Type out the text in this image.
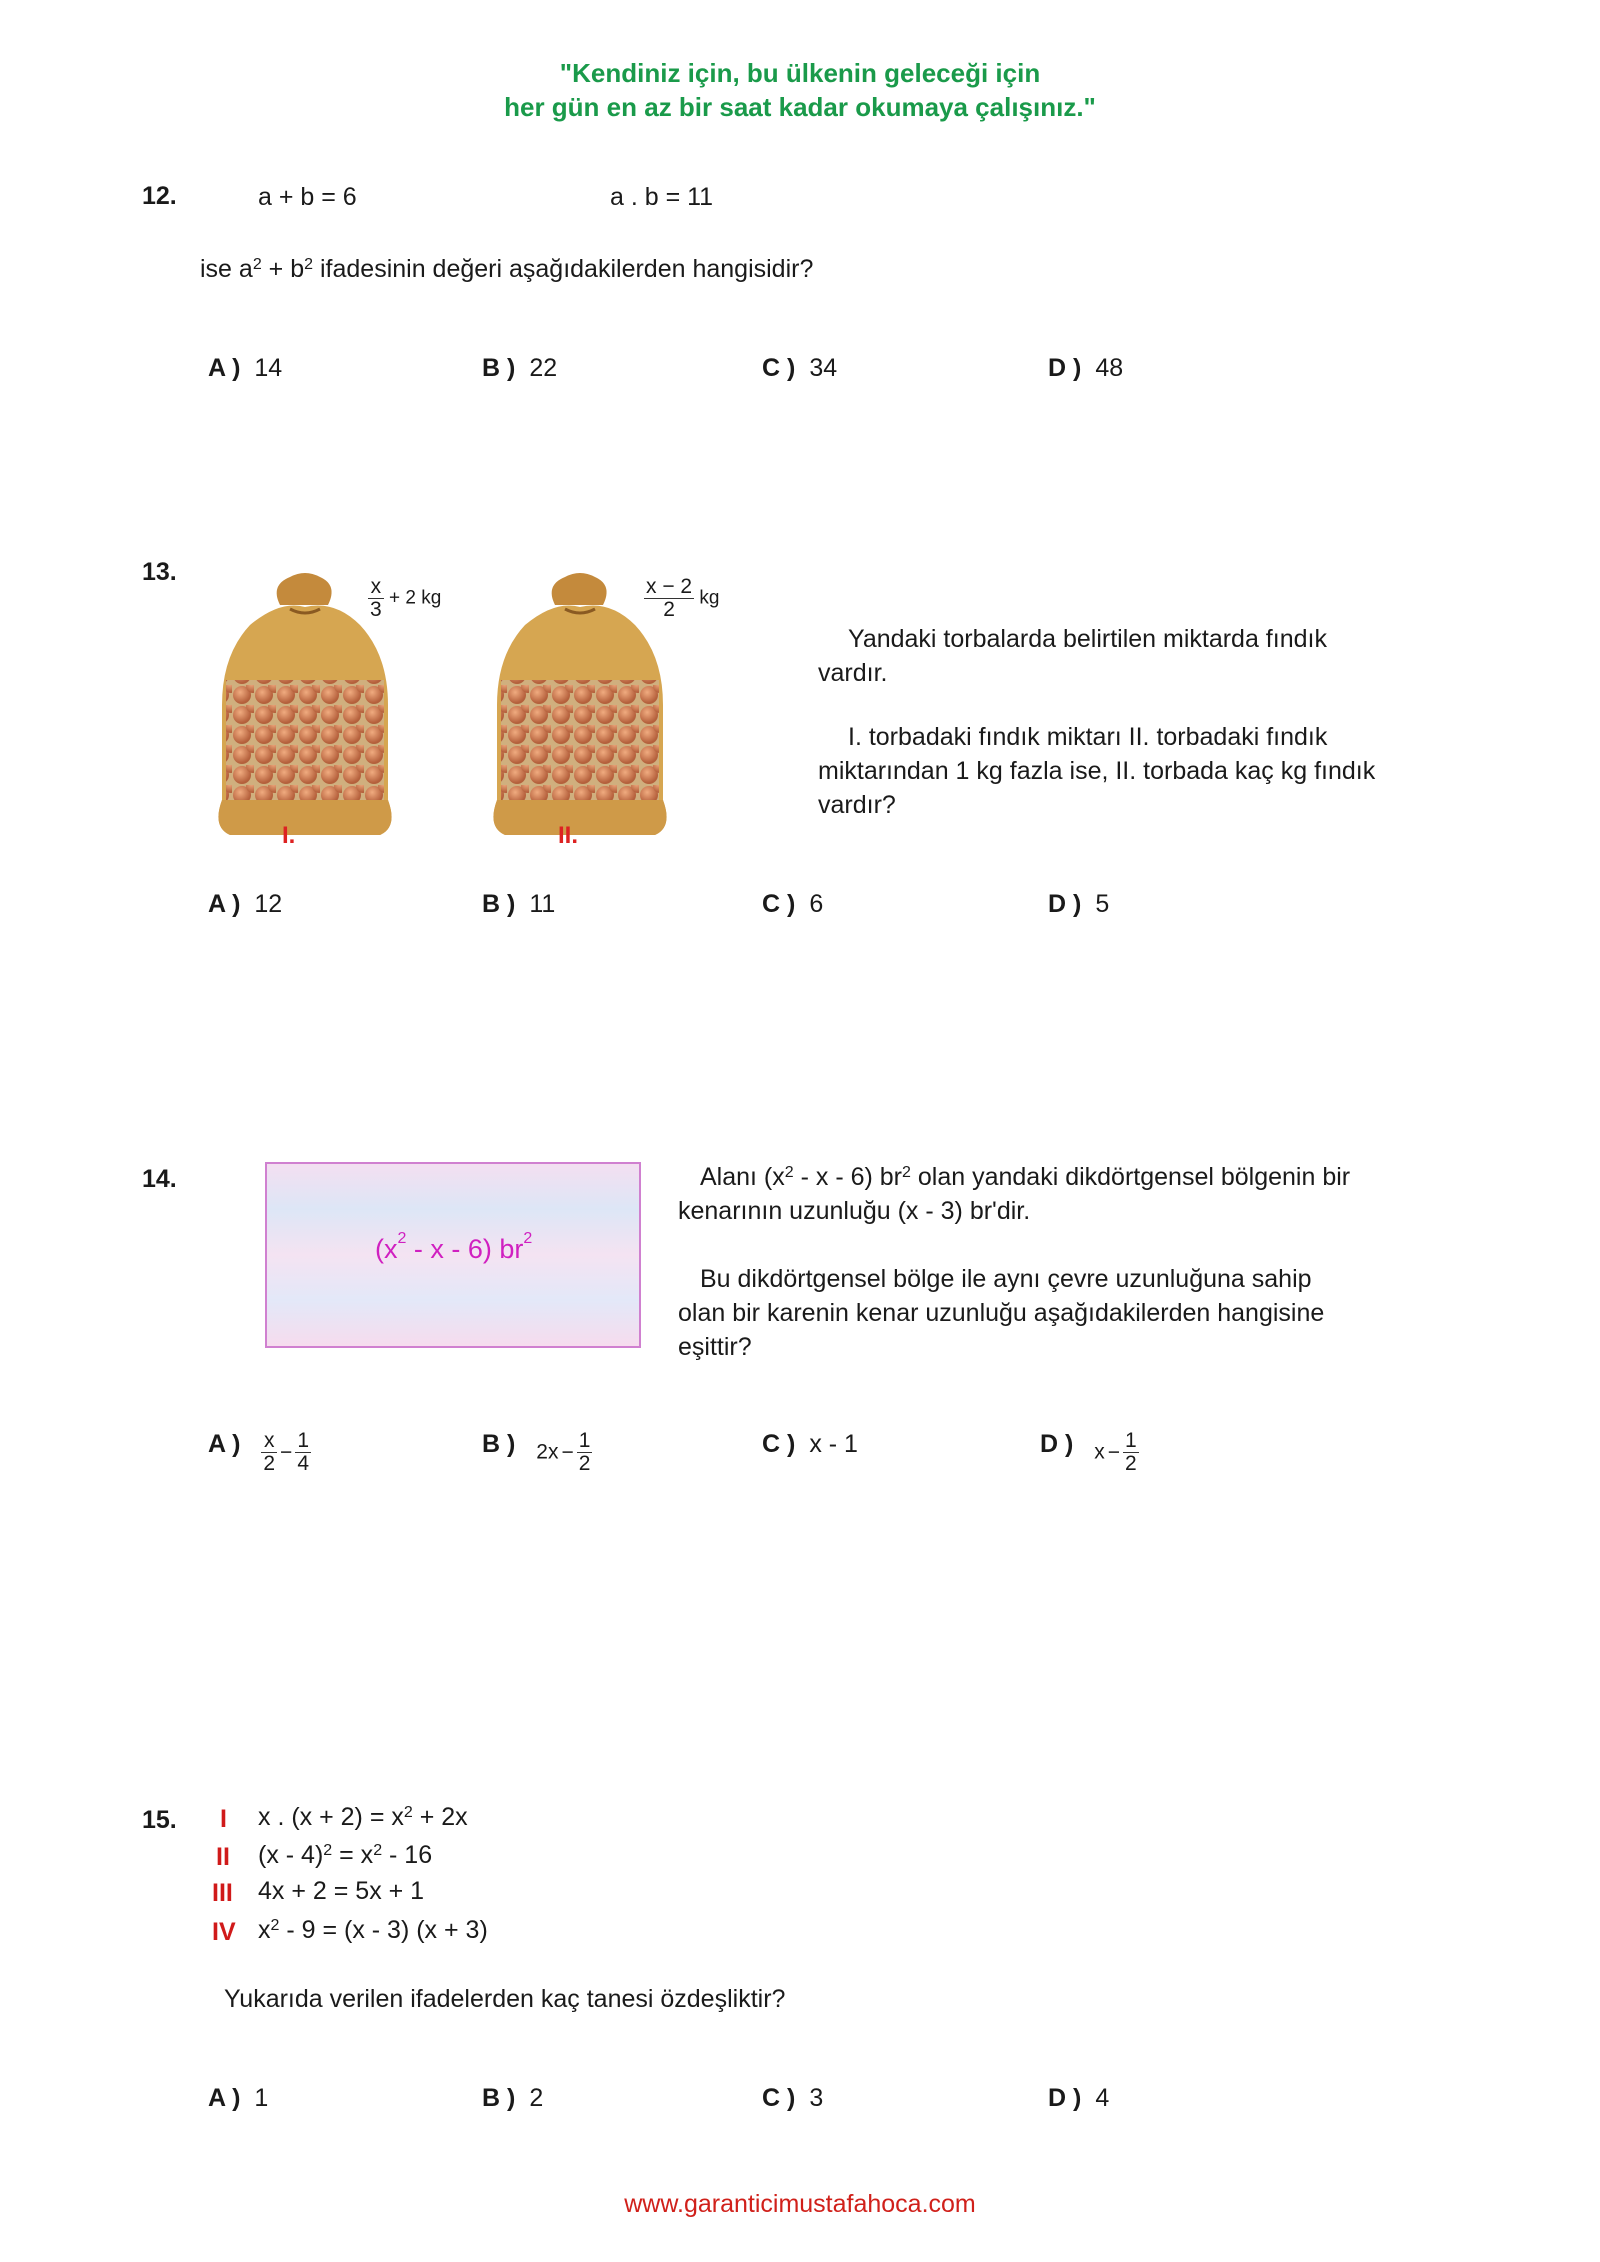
"Kendiniz için, bu ülkenin geleceği için
her gün en az bir saat kadar okumaya çalışınız."
12.	a + b = 6	a . b = 11
ise $a^2 + b^2$ ifadesinin değeri aşağıdakilerden hangisidir?
A ) 14	B ) 22	C ) 34	D ) 48
13.
$\frac{x}{3} + 2$ kg
I.
$\frac{x - 2}{2}$ kg
II.
Yandaki torbalarda belirtilen miktarda fındık vardır.
I. torbadaki fındık miktarı II. torbadaki fındık miktarından 1 kg fazla ise, II. torbada kaç kg fındık vardır?
A ) 12	B ) 11	C ) 6	D ) 5
14.
($x^2$ - x - 6) $br^2$
Alanı ($x^2$ - x - 6) $br^2$ olan yandaki dikdörtgensel bölgenin bir kenarının uzunluğu (x - 3) br'dir.
Bu dikdörtgensel bölge ile aynı çevre uzunluğuna sahip olan bir karenin kenar uzunluğu aşağıdakilerden hangisine eşittir?
A ) $\frac{x}{2} - \frac{1}{4}$	B ) $2x - \frac{1}{2}$	C ) x - 1	D ) $x - \frac{1}{2}$
15. I x . $(x + 2) = x^2 + 2x$
II $(x - 4)^2 = x^2 - 16$
III 4x + 2 = 5x + 1
IV $x^2 - 9 = (x - 3) (x + 3)$
Yukarıda verilen ifadelerden kaç tanesi özdeşliktir?
A ) 1	B ) 2	C ) 3	D ) 4
www.garanticimustafahoca.com
